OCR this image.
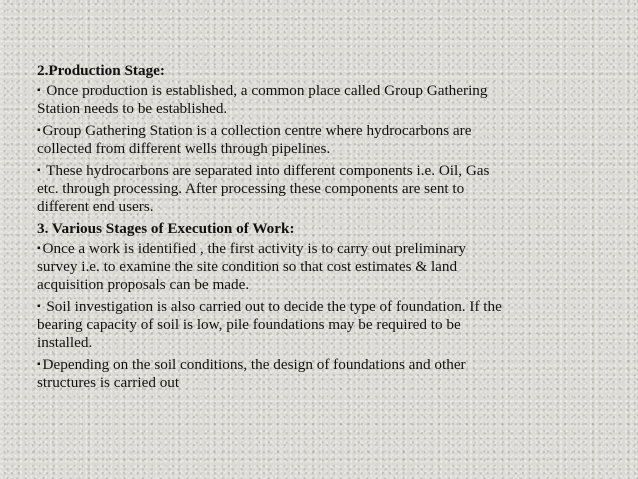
2.Production Stage:
▪ Once production is established, a common place called Group Gathering
Station needs to be established.
▪ Group Gathering Station is a collection centre where hydrocarbons are
collected from different wells through pipelines.
▪ These hydrocarbons are separated into different components i.e. Oil, Gas
etc. through processing. After processing these components are sent to
different end users.
3. Various Stages of Execution of Work:
▪ Once a work is identified , the first activity is to carry out preliminary
survey i.e. to examine the site condition so that cost estimates & land
acquisition proposals can be made.
▪ Soil investigation is also carried out to decide the type of foundation. If the
bearing capacity of soil is low, pile foundations may be required to be
installed.
▪ Depending on the soil conditions, the design of foundations and other
structures is carried out
